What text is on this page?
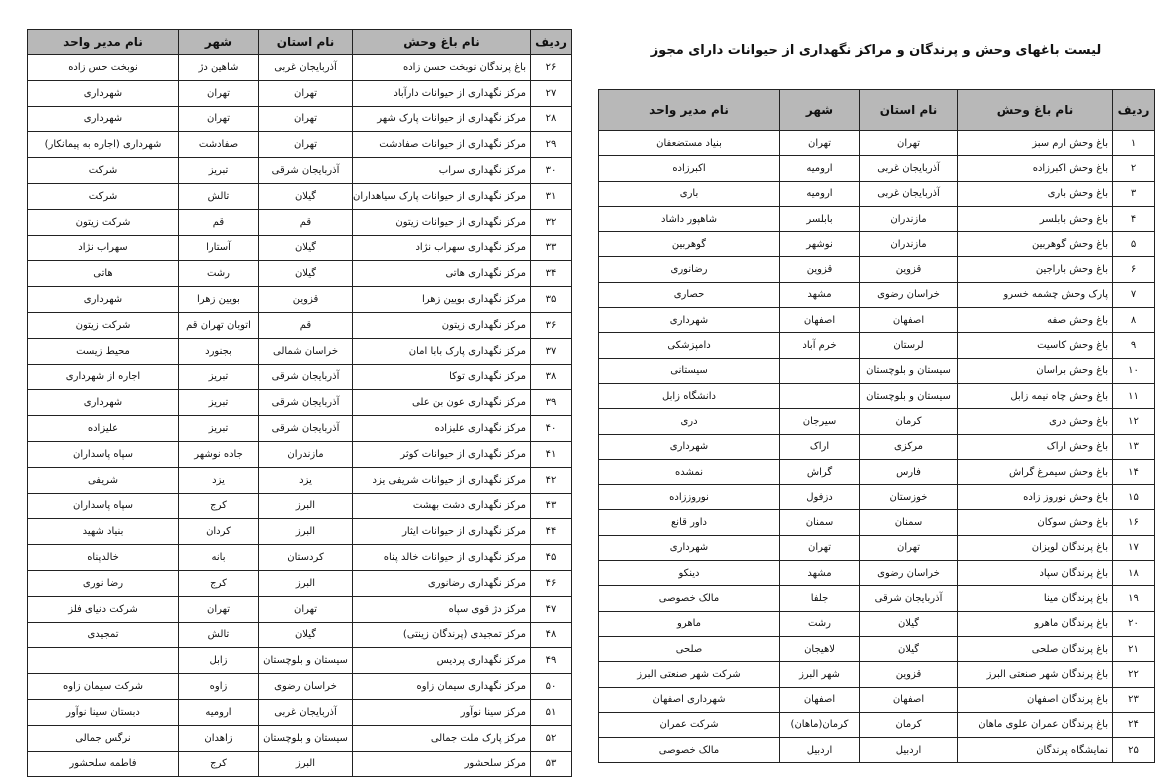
لیست باغهای وحش و پرندگان و مراکز نگهداری از حیوانات دارای مجوز
ردیف	نام باغ وحش	نام استان	شهر	نام مدیر واحد
۱	باغ وحش ارم سبز	تهران	تهران	بنیاد مستضعفان
۲	باغ وحش اکبرزاده	آذربایجان غربی	ارومیه	اکبرزاده
۳	باغ وحش باری	آذربایجان غربی	ارومیه	باری
۴	باغ وحش بابلسر	مازندران	بابلسر	شاهپور داشاد
۵	باغ وحش گوهربین	مازندران	نوشهر	گوهربین
۶	باغ وحش باراجین	قزوین	قزوین	رضانوری
۷	پارک وحش چشمه خسرو	خراسان رضوی	مشهد	حصاری
۸	باغ وحش صفه	اصفهان	اصفهان	شهرداری
۹	باغ وحش کاسیت	لرستان	خرم آباد	دامپزشکی
۱۰	باغ وحش براسان	سیستان و بلوچستان		سیستانی
۱۱	باغ وحش چاه نیمه زابل	سیستان و بلوچستان		دانشگاه زابل
۱۲	باغ وحش دری	کرمان	سیرجان	دری
۱۳	باغ وحش اراک	مرکزی	اراک	شهرداری
۱۴	باغ وحش سیمرغ گراش	فارس	گراش	نمشده
۱۵	باغ وحش نوروز زاده	خوزستان	دزفول	نوروززاده
۱۶	باغ وحش سوکان	سمنان	سمنان	داور قانع
۱۷	باغ پرندگان لویزان	تهران	تهران	شهرداری
۱۸	باغ پرندگان سپاد	خراسان رضوی	مشهد	دینکو
۱۹	باغ پرندگان مینا	آذربایجان شرقی	جلفا	مالک خصوصی
۲۰	باغ پرندگان ماهرو	گیلان	رشت	ماهرو
۲۱	باغ پرندگان صلحی	گیلان	لاهیجان	صلحی
۲۲	باغ پرندگان شهر صنعتی البرز	قزوین	شهر البرز	شرکت شهر صنعتی البرز
۲۳	باغ پرندگان اصفهان	اصفهان	اصفهان	شهرداری اصفهان
۲۴	باغ پرندگان عمران علوی ماهان	کرمان	کرمان(ماهان)	شرکت عمران
۲۵	نمایشگاه پرندگان	اردبیل	اردبیل	مالک خصوصی
ردیف	نام باغ وحش	نام استان	شهر	نام مدیر واحد
۲۶	باغ پرندگان نوبخت حسن زاده	آذربایجان غربی	شاهین دژ	نوبخت حس زاده
۲۷	مرکز نگهداری از حیوانات دارآباد	تهران	تهران	شهرداری
۲۸	مرکز نگهداری از حیوانات پارک شهر	تهران	تهران	شهرداری
۲۹	مرکز نگهداری از حیوانات صفادشت	تهران	صفادشت	شهرداری (اجاره به پیمانکار)
۳۰	مرکز نگهداری سراب	آذربایجان شرقی	تبریز	شرکت
۳۱	مرکز نگهداری از حیوانات پارک سیاهداران	گیلان	تالش	شرکت
۳۲	مرکز نگهداری از حیوانات زیتون	قم	قم	شرکت زیتون
۳۳	مرکز نگهداری سهراب نژاد	گیلان	آستارا	سهراب نژاد
۳۴	مرکز نگهداری هاتی	گیلان	رشت	هاتی
۳۵	مرکز نگهداری بویین زهرا	قزوین	بویین زهرا	شهرداری
۳۶	مرکز نگهداری زیتون	قم	اتوبان تهران قم	شرکت زیتون
۳۷	مرکز نگهداری پارک بابا امان	خراسان شمالی	بجنورد	محیط زیست
۳۸	مرکز نگهداری توکا	آذربایجان شرقی	تبریز	اجاره از شهرداری
۳۹	مرکز نگهداری عون بن علی	آذربایجان شرقی	تبریز	شهرداری
۴۰	مرکز نگهداری علیزاده	آذربایجان شرقی	تبریز	علیزاده
۴۱	مرکز نگهداری از حیوانات کوثر	مازندران	جاده نوشهر	سپاه پاسداران
۴۲	مرکز نگهداری از حیوانات شریفی یزد	یزد	یزد	شریفی
۴۳	مرکز نگهداری دشت بهشت	البرز	کرج	سپاه پاسداران
۴۴	مرکز نگهداری از حیوانات ایثار	البرز	کردان	بنیاد شهید
۴۵	مرکز نگهداری از حیوانات خالد پناه	کردستان	بانه	خالدپناه
۴۶	مرکز نگهداری رضانوری	البرز	کرج	رضا نوری
۴۷	مرکز دژ قوی سپاه	تهران	تهران	شرکت دنیای فلز
۴۸	مرکز تمجیدی (پرندگان زینتی)	گیلان	تالش	تمجیدی
۴۹	مرکز نگهداری پردیس	سیستان و بلوچستان	زابل	
۵۰	مرکز نگهداری سیمان زاوه	خراسان رضوی	زاوه	شرکت سیمان زاوه
۵۱	مرکز سینا نوآور	آذربایجان غربی	ارومیه	دبستان سینا نوآور
۵۲	مرکز پارک ملت جمالی	سیستان و بلوچستان	زاهدان	نرگس جمالی
۵۳	مرکز سلحشور	البرز	کرج	فاطمه سلحشور
